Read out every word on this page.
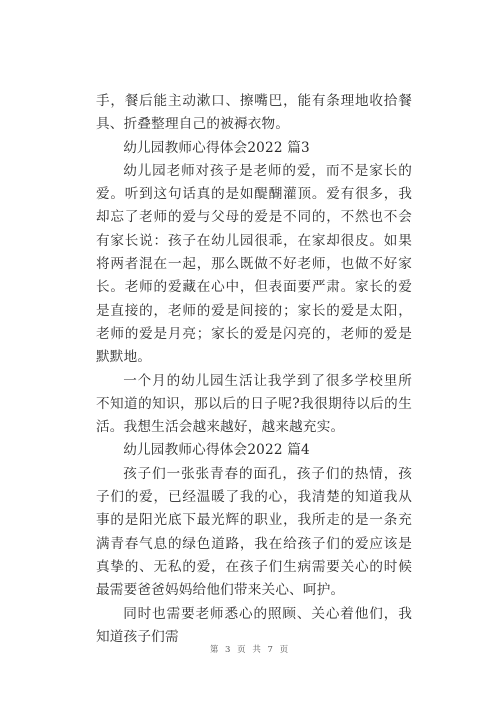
手，餐后能主动漱口、擦嘴巴，能有条理地收拾餐具、折叠整理自己的被褥衣物。

幼儿园教师心得体会2022 篇3

幼儿园老师对孩子是老师的爱，而不是家长的爱。听到这句话真的是如醍醐灌顶。爱有很多，我却忘了老师的爱与父母的爱是不同的，不然也不会有家长说：孩子在幼儿园很乖，在家却很皮。如果将两者混在一起，那么既做不好老师，也做不好家长。老师的爱藏在心中，但表面要严肃。家长的爱是直接的，老师的爱是间接的；家长的爱是太阳，老师的爱是月亮；家长的爱是闪亮的，老师的爱是默默地。

一个月的幼儿园生活让我学到了很多学校里所不知道的知识，那以后的日子呢?我很期待以后的生活。我想生活会越来越好，越来越充实。

幼儿园教师心得体会2022 篇4

孩子们一张张青春的面孔，孩子们的热情，孩子们的爱，已经温暖了我的心，我清楚的知道我从事的是阳光底下最光辉的职业，我所走的是一条充满青春气息的绿色道路，我在给孩子们的爱应该是真挚的、无私的爱，在孩子们生病需要关心的时候最需要爸爸妈妈给他们带来关心、呵护。

同时也需要老师悉心的照顾、关心着他们，我知道孩子们需

第 3 页 共 7 页
